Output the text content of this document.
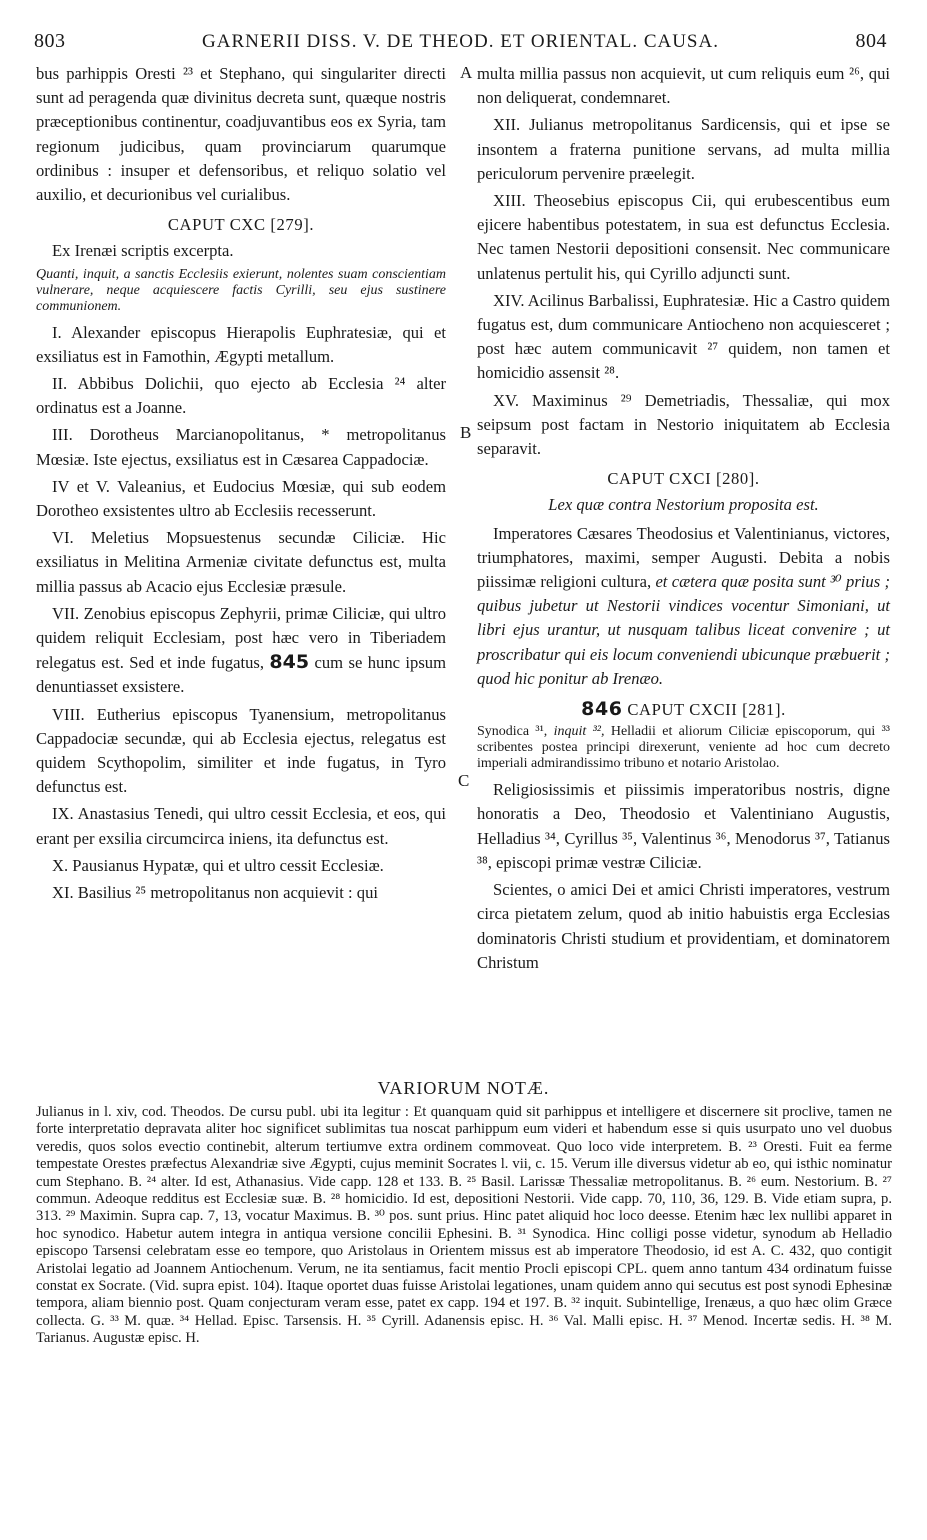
803	GARNERII DISS. V. DE THEOD. ET ORIENTAL. CAUSA.	804
A
B
C

bus parhippis Oresti ²³ et Stephano, qui singulariter directi sunt ad peragenda quæ divinitus decreta sunt, quæque nostris præceptionibus continentur, coadjuvantibus eos ex Syria, tam regionum judicibus, quam provinciarum quarumque ordinibus : insuper et defensoribus, et reliquo solatio vel auxilio, et decurionibus vel curialibus.

CAPUT CXC [279].

Ex Irenæi scriptis excerpta.

Quanti, inquit, a sanctis Ecclesiis exierunt, nolentes suam conscientiam vulnerare, neque acquiescere factis Cyrilli, seu ejus sustinere communionem.

I. Alexander episcopus Hierapolis Euphratesiæ, qui et exsiliatus est in Famothin, Ægypti metallum.

II. Abbibus Dolichii, quo ejecto ab Ecclesia ²⁴ alter ordinatus est a Joanne.

III. Dorotheus Marcianopolitanus, * metropolitanus Mœsiæ. Iste ejectus, exsiliatus est in Cæsarea Cappadociæ.

IV et V. Valeanius, et Eudocius Mœsiæ, qui sub eodem Dorotheo exsistentes ultro ab Ecclesiis recesserunt.

VI. Meletius Mopsuestenus secundæ Ciliciæ. Hic exsiliatus in Melitina Armeniæ civitate defunctus est, multa millia passus ab Acacio ejus Ecclesiæ præsule.

VII. Zenobius episcopus Zephyrii, primæ Ciliciæ, qui ultro quidem reliquit Ecclesiam, post hæc vero in Tiberiadem relegatus est. Sed et inde fugatus, 845 cum se hunc ipsum denuntiasset exsistere.

VIII. Eutherius episcopus Tyanensium, metropolitanus Cappadociæ secundæ, qui ab Ecclesia ejectus, relegatus est quidem Scythopolim, similiter et inde fugatus, in Tyro defunctus est.

IX. Anastasius Tenedi, qui ultro cessit Ecclesia, et eos, qui erant per exsilia circumcirca iniens, ita defunctus est.

X. Pausianus Hypatæ, qui et ultro cessit Ecclesiæ.

XI. Basilius ²⁵ metropolitanus non acquievit : qui

multa millia passus non acquievit, ut cum reliquis eum ²⁶, qui non deliquerat, condemnaret.

XII. Julianus metropolitanus Sardicensis, qui et ipse se insontem a fraterna punitione servans, ad multa millia periculorum pervenire præelegit.

XIII. Theosebius episcopus Cii, qui erubescentibus eum ejicere habentibus potestatem, in sua est defunctus Ecclesia. Nec tamen Nestorii depositioni consensit. Nec communicare unlatenus pertulit his, qui Cyrillo adjuncti sunt.

XIV. Acilinus Barbalissi, Euphratesiæ. Hic a Castro quidem fugatus est, dum communicare Antiocheno non acquiesceret ; post hæc autem communicavit ²⁷ quidem, non tamen et homicidio assensit ²⁸.

XV. Maximinus ²⁹ Demetriadis, Thessaliæ, qui mox seipsum post factam in Nestorio iniquitatem ab Ecclesia separavit.

CAPUT CXCI [280].

Lex quæ contra Nestorium proposita est.

Imperatores Cæsares Theodosius et Valentinianus, victores, triumphatores, maximi, semper Augusti. Debita a nobis piissimæ religioni cultura, et cætera quæ posita sunt ³⁰ prius ; quibus jubetur ut Nestorii vindices vocentur Simoniani, ut libri ejus urantur, ut nusquam talibus liceat convenire ; ut proscribatur qui eis locum conveniendi ubicunque præbuerit ; quod hic ponitur ab Irenæo.

846 CAPUT CXCII [281].

Synodica ³¹, inquit ³², Helladii et aliorum Ciliciæ episcoporum, qui ³³ scribentes postea principi direxerunt, veniente ad hoc cum decreto imperiali admirandissimo tribuno et notario Aristolao.

Religiosissimis et piissimis imperatoribus nostris, digne honoratis a Deo, Theodosio et Valentiniano Augustis, Helladius ³⁴, Cyrillus ³⁵, Valentinus ³⁶, Menodorus ³⁷, Tatianus ³⁸, episcopi primæ vestræ Ciliciæ.

Scientes, o amici Dei et amici Christi imperatores, vestrum circa pietatem zelum, quod ab initio habuistis erga Ecclesias dominatoris Christi studium et providentiam, et dominatorem Christum

VARIORUM NOTÆ.

Julianus in l. xiv, cod. Theodos. De cursu publ. ubi ita legitur : Et quanquam quid sit parhippus et intelligere et discernere sit proclive, tamen ne forte interpretatio depravata aliter hoc significet sublimitas tua noscat parhippum eum videri et habendum esse si quis usurpato uno vel duobus veredis, quos solos evectio continebit, alterum tertiumve extra ordinem commoveat. Quo loco vide interpretem. B. ²³ Oresti. Fuit ea ferme tempestate Orestes præfectus Alexandriæ sive Ægypti, cujus meminit Socrates l. vii, c. 15. Verum ille diversus videtur ab eo, qui isthic nominatur cum Stephano. B. ²⁴ alter. Id est, Athanasius. Vide capp. 128 et 133. B. ²⁵ Basil. Larissæ Thessaliæ metropolitanus. B. ²⁶ eum. Nestorium. B. ²⁷ commun. Adeoque redditus est Ecclesiæ suæ. B. ²⁸ homicidio. Id est, depositioni Nestorii. Vide capp. 70, 110, 36, 129. B. Vide etiam supra, p. 313. ²⁹ Maximin. Supra cap. 7, 13, vocatur Maximus. B. ³⁰ pos. sunt prius. Hinc patet aliquid hoc loco deesse. Etenim hæc lex nullibi apparet in hoc synodico. Habetur autem integra in antiqua versione concilii Ephesini. B. ³¹ Synodica. Hinc colligi posse videtur, synodum ab Helladio episcopo Tarsensi celebratam esse eo tempore, quo Aristolaus in Orientem missus est ab imperatore Theodosio, id est A. C. 432, quo contigit Aristolai legatio ad Joannem Antiochenum. Verum, ne ita sentiamus, facit mentio Procli episcopi CPL. quem anno tantum 434 ordinatum fuisse constat ex Socrate. (Vid. supra epist. 104). Itaque oportet duas fuisse Aristolai legationes, unam quidem anno qui secutus est post synodi Ephesinæ tempora, aliam biennio post. Quam conjecturam veram esse, patet ex capp. 194 et 197. B. ³² inquit. Subintellige, Irenæus, a quo hæc olim Græce collecta. G. ³³ M. quæ. ³⁴ Hellad. Episc. Tarsensis. H. ³⁵ Cyrill. Adanensis episc. H. ³⁶ Val. Malli episc. H. ³⁷ Menod. Incertæ sedis. H. ³⁸ M. Tarianus. Augustæ episc. H.
